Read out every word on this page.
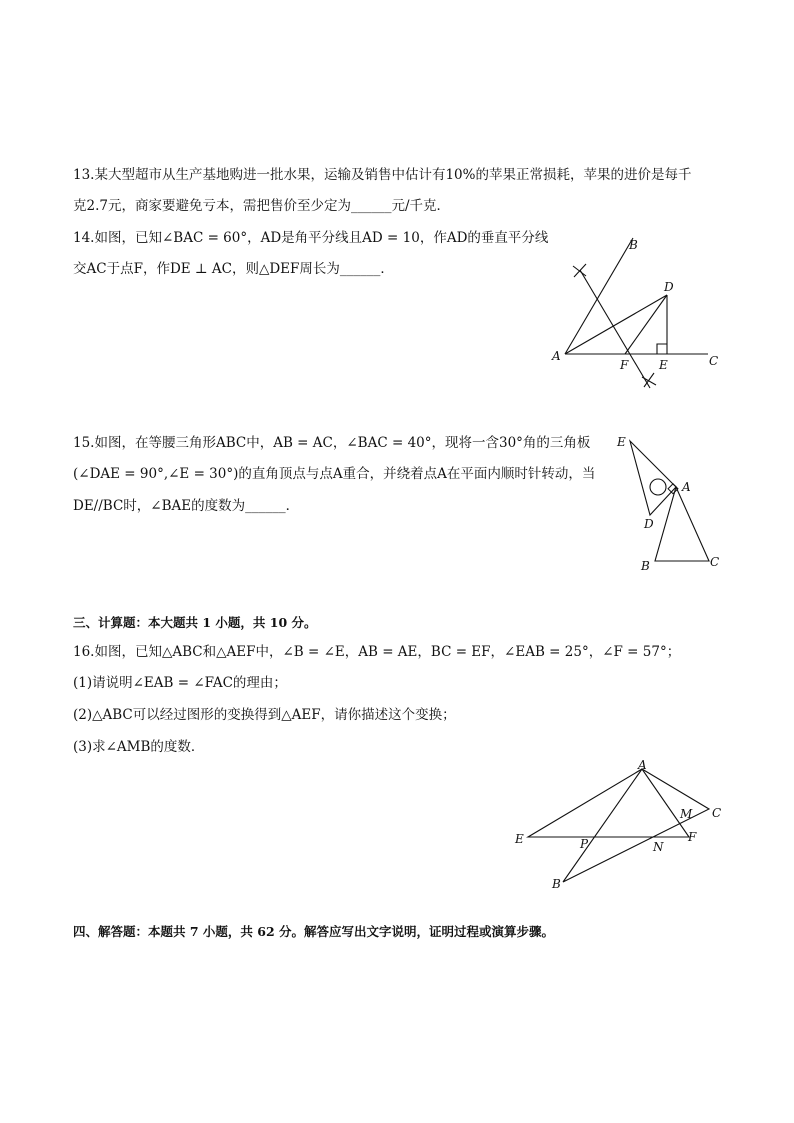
13.某大型超市从生产基地购进一批水果，运输及销售中估计有10%的苹果正常损耗，苹果的进价是每千
克2.7元，商家要避免亏本，需把售价至少定为______元/千克．
14.如图，已知∠BAC = 60°，AD是角平分线且AD = 10，作AD的垂直平分线
交AC于点F，作DE ⊥ AC，则△DEF周长为______．
A
B
C
D
E
F
15.如图，在等腰三角形ABC中，AB = AC，∠BAC = 40°，现将一含30°角的三角板
(∠DAE = 90°,∠E = 30°)的直角顶点与点A重合，并绕着点A在平面内顺时针转动，当
DE//BC时，∠BAE的度数为______．
E
A
D
B	C
三、计算题：本大题共 1 小题，共 10 分。
16.如图，已知△ABC和△AEF中，∠B = ∠E，AB = AE，BC = EF，∠EAB = 25°，∠F = 57°；
(1)请说明∠EAB = ∠FAC的理由；
(2)△ABC可以经过图形的变换得到△AEF，请你描述这个变换；
(3)求∠AMB的度数．
A
E	F
C
B
M
N
P
四、解答题：本题共 7 小题，共 62 分。解答应写出文字说明，证明过程或演算步骤。
